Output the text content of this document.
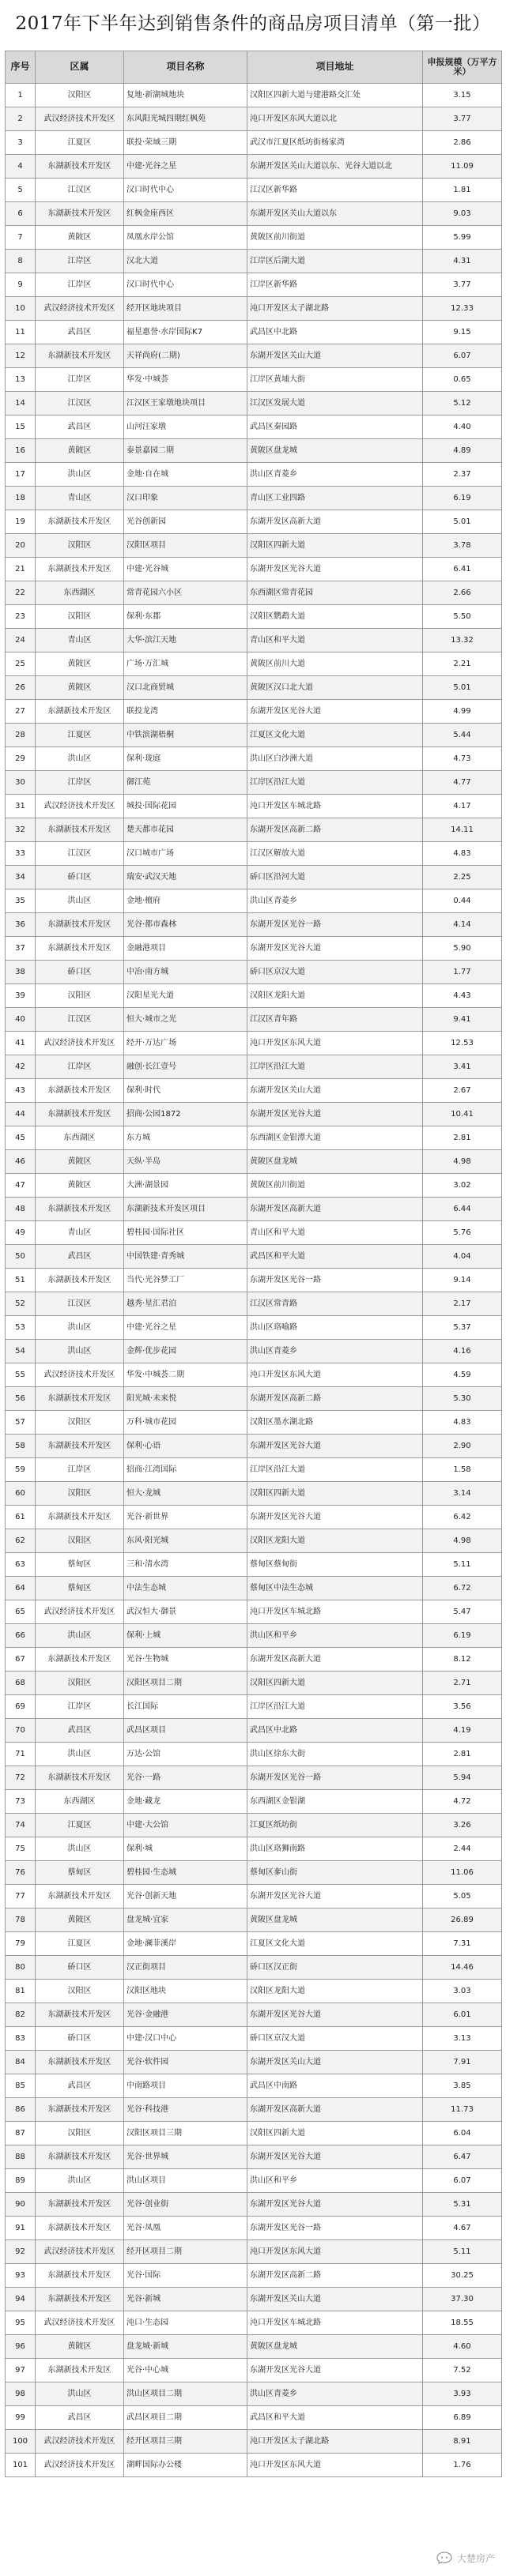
2017年下半年达到销售条件的商品房项目清单（第一批）
序号	区属	项目名称	项目地址	申报规模（万平方米）
1	汉阳区	复地·新湖城地块	汉阳区四新大道与建港路交汇处	3.15
2	武汉经济技术开发区	东风阳光城四期红枫苑	沌口开发区东风大道以北	3.77
3	江夏区	联投·荣域三期	武汉市江夏区纸坊街杨家湾	2.86
4	东湖新技术开发区	中建·光谷之星	东湖开发区关山大道以东、光谷大道以北	11.09
5	江汉区	汉口时代中心	江汉区新华路	1.81
6	东湖新技术开发区	红枫金座西区	东湖开发区关山大道以东	9.03
7	黄陂区	凤凰水岸公馆	黄陂区前川街道	5.99
8	江岸区	汉北大道	江岸区后湖大道	4.31
9	江岸区	汉口时代中心	江岸区新华路	3.77
10	武汉经济技术开发区	经开区地块项目	沌口开发区太子湖北路	12.33
11	武昌区	福星惠誉·水岸国际K7	武昌区中北路	9.15
12	东湖新技术开发区	天祥尚府(二期)	东湖开发区关山大道	6.07
13	江岸区	华发·中城荟	江岸区黄埔大街	0.65
14	江汉区	江汉区王家墩地块项目	江汉区发展大道	5.12
15	武昌区	山河汪家墩	武昌区秦园路	4.40
16	黄陂区	泰景嘉园二期	黄陂区盘龙城	4.89
17	洪山区	金地·自在城	洪山区青菱乡	2.37
18	青山区	汉口印象	青山区工业四路	6.19
19	东湖新技术开发区	光谷创新园	东湖开发区高新大道	5.01
20	汉阳区	汉阳区项目	汉阳区四新大道	3.78
21	东湖新技术开发区	中建·光谷城	东湖开发区光谷大道	6.41
22	东西湖区	常青花园六小区	东西湖区常青花园	2.66
23	汉阳区	保利·东郡	汉阳区鹦鹉大道	5.50
24	青山区	大华·滨江天地	青山区和平大道	13.32
25	黄陂区	广场·万汇城	黄陂区前川大道	2.21
26	黄陂区	汉口北商贸城	黄陂区汉口北大道	5.01
27	东湖新技术开发区	联投龙湾	东湖开发区光谷大道	4.99
28	江夏区	中铁滨湖梧桐	江夏区文化大道	5.44
29	洪山区	保利·珑庭	洪山区白沙洲大道	4.73
30	江岸区	御江苑	江岸区沿江大道	4.77
31	武汉经济技术开发区	城投·国际花园	沌口开发区车城北路	4.17
32	东湖新技术开发区	楚天都市花园	东湖开发区高新二路	14.11
33	江汉区	汉口城市广场	江汉区解放大道	4.83
34	硚口区	瑞安·武汉天地	硚口区沿河大道	2.25
35	洪山区	金地·檀府	洪山区青菱乡	0.44
36	东湖新技术开发区	光谷·都市森林	东湖开发区光谷一路	4.14
37	东湖新技术开发区	金融港项目	东湖开发区光谷大道	5.90
38	硚口区	中冶·南方城	硚口区京汉大道	1.77
39	汉阳区	汉阳星光大道	汉阳区龙阳大道	4.43
40	江汉区	恒大·城市之光	江汉区青年路	9.41
41	武汉经济技术开发区	经开·万达广场	沌口开发区东风大道	12.53
42	江岸区	融创·长江壹号	江岸区沿江大道	3.41
43	东湖新技术开发区	保利·时代	东湖开发区关山大道	2.67
44	东湖新技术开发区	招商·公园1872	东湖开发区光谷大道	10.41
45	东西湖区	东方城	东西湖区金银潭大道	2.81
46	黄陂区	天纵·半岛	黄陂区盘龙城	4.98
47	黄陂区	大洲·湖景园	黄陂区前川街道	3.02
48	东湖新技术开发区	东湖新技术开发区项目	东湖开发区高新大道	6.44
49	青山区	碧桂园·国际社区	青山区和平大道	5.76
50	武昌区	中国铁建·青秀城	武昌区和平大道	4.04
51	东湖新技术开发区	当代·光谷梦工厂	东湖开发区光谷一路	9.14
52	江汉区	越秀·星汇君泊	江汉区常青路	2.17
53	洪山区	中建·光谷之星	洪山区珞喻路	5.37
54	洪山区	金辉·优步花园	洪山区青菱乡	4.16
55	武汉经济技术开发区	华发·中城荟二期	沌口开发区东风大道	4.59
56	东湖新技术开发区	阳光城·未来悦	东湖开发区高新二路	5.30
57	汉阳区	万科·城市花园	汉阳区墨水湖北路	4.83
58	东湖新技术开发区	保利·心语	东湖开发区光谷大道	2.90
59	江岸区	招商·江湾国际	江岸区沿江大道	1.58
60	汉阳区	恒大·龙城	汉阳区四新大道	3.14
61	东湖新技术开发区	光谷·新世界	东湖开发区光谷大道	6.42
62	汉阳区	东风·阳光城	汉阳区龙阳大道	4.98
63	蔡甸区	三和·清水湾	蔡甸区蔡甸街	5.11
64	蔡甸区	中法生态城	蔡甸区中法生态城	6.72
65	武汉经济技术开发区	武汉恒大·御景	沌口开发区车城北路	5.47
66	洪山区	保利·上城	洪山区和平乡	6.19
67	东湖新技术开发区	光谷·生物城	东湖开发区高新大道	8.12
68	汉阳区	汉阳区项目二期	汉阳区四新大道	2.71
69	江岸区	长江国际	江岸区沿江大道	3.56
70	武昌区	武昌区项目	武昌区中北路	4.19
71	洪山区	万达·公馆	洪山区徐东大街	2.81
72	东湖新技术开发区	光谷·一路	东湖开发区光谷一路	5.94
73	东西湖区	金地·藏龙	东西湖区金银湖	4.72
74	江夏区	中建·大公馆	江夏区纸坊街	3.26
75	洪山区	保利·城	洪山区珞狮南路	2.44
76	蔡甸区	碧桂园·生态城	蔡甸区奓山街	11.06
77	东湖新技术开发区	光谷·创新天地	东湖开发区光谷大道	5.05
78	黄陂区	盘龙城·宜家	黄陂区盘龙城	26.89
79	江夏区	金地·澜菲溪岸	江夏区文化大道	7.31
80	硚口区	汉正街项目	硚口区汉正街	14.46
81	汉阳区	汉阳区地块	汉阳区龙阳大道	3.03
82	东湖新技术开发区	光谷·金融港	东湖开发区光谷大道	6.01
83	硚口区	中建·汉口中心	硚口区京汉大道	3.13
84	东湖新技术开发区	光谷·软件园	东湖开发区关山大道	7.91
85	武昌区	中南路项目	武昌区中南路	3.85
86	东湖新技术开发区	光谷·科技港	东湖开发区高新大道	11.73
87	汉阳区	汉阳区项目三期	汉阳区四新大道	6.04
88	东湖新技术开发区	光谷·世界城	东湖开发区光谷大道	6.47
89	洪山区	洪山区项目	洪山区和平乡	6.07
90	东湖新技术开发区	光谷·创业街	东湖开发区光谷大道	5.31
91	东湖新技术开发区	光谷·凤凰	东湖开发区光谷一路	4.67
92	武汉经济技术开发区	经开区项目二期	沌口开发区东风大道	5.11
93	东湖新技术开发区	光谷·国际	东湖开发区高新二路	30.25
94	东湖新技术开发区	光谷·新城	东湖开发区关山大道	37.30
95	武汉经济技术开发区	沌口·生态园	沌口开发区车城北路	18.55
96	黄陂区	盘龙城·新城	黄陂区盘龙城	4.60
97	东湖新技术开发区	光谷·中心城	东湖开发区光谷大道	7.52
98	洪山区	洪山区项目二期	洪山区青菱乡	3.93
99	武昌区	武昌区项目二期	武昌区和平大道	6.89
100	武汉经济技术开发区	经开区项目三期	沌口开发区太子湖北路	8.91
101	武汉经济技术开发区	湖畔国际办公楼	沌口开发区东风大道	1.76
大楚房产
